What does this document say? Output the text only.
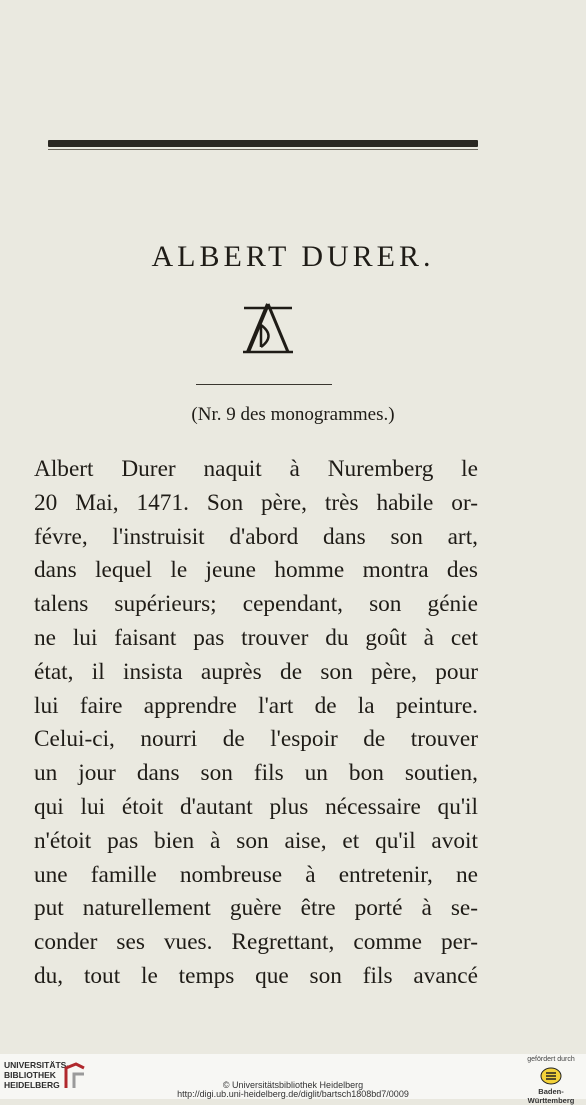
ALBERT DURER.
(Nr. 9 des monogrammes.)
Albert Durer naquit à Nuremberg le
20 Mai, 1471. Son père, très habile or-
févre, l'instruisit d'abord dans son art,
dans lequel le jeune homme montra des
talens supérieurs; cependant, son génie
ne lui faisant pas trouver du goût à cet
état, il insista auprès de son père, pour
lui faire apprendre l'art de la peinture.
Celui-ci, nourri de l'espoir de trouver
un jour dans son fils un bon soutien,
qui lui étoit d'autant plus nécessaire qu'il
n'étoit pas bien à son aise, et qu'il avoit
une famille nombreuse à entretenir, ne
put naturellement guère être porté à se-
conder ses vues. Regrettant, comme per-
du, tout le temps que son fils avancé
UNIVERSITÄTS-
BIBLIOTHEK
HEIDELBERG	© Universitätsbibliothek Heidelberg
http://digi.ub.uni-heidelberg.de/diglit/bartsch1808bd7/0009
gefördert durch
Baden-Württemberg
